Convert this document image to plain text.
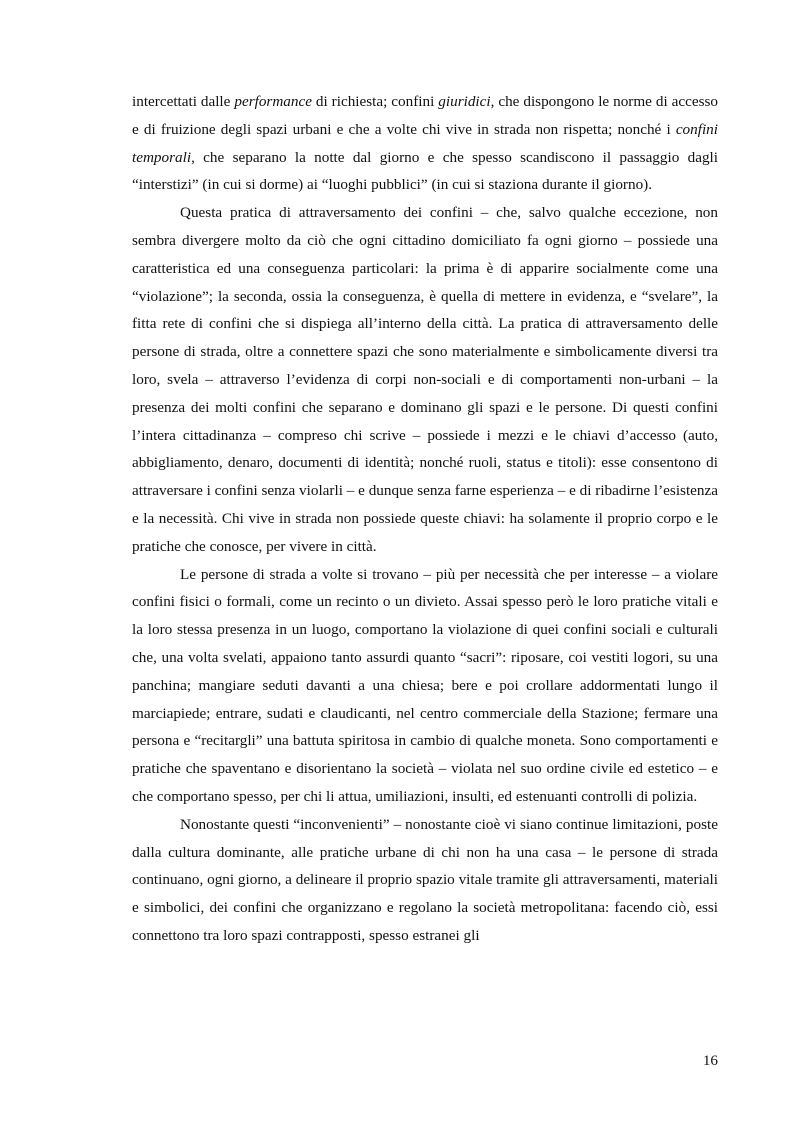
intercettati dalle performance di richiesta; confini giuridici, che dispongono le norme di accesso e di fruizione degli spazi urbani e che a volte chi vive in strada non rispetta; nonché i confini temporali, che separano la notte dal giorno e che spesso scandiscono il passaggio dagli “interstizi” (in cui si dorme) ai “luoghi pubblici” (in cui si staziona durante il giorno).

Questa pratica di attraversamento dei confini – che, salvo qualche eccezione, non sembra divergere molto da ciò che ogni cittadino domiciliato fa ogni giorno – possiede una caratteristica ed una conseguenza particolari: la prima è di apparire socialmente come una “violazione”; la seconda, ossia la conseguenza, è quella di mettere in evidenza, e “svelare”, la fitta rete di confini che si dispiega all’interno della città. La pratica di attraversamento delle persone di strada, oltre a connettere spazi che sono materialmente e simbolicamente diversi tra loro, svela – attraverso l’evidenza di corpi non-sociali e di comportamenti non-urbani – la presenza dei molti confini che separano e dominano gli spazi e le persone. Di questi confini l’intera cittadinanza – compreso chi scrive – possiede i mezzi e le chiavi d’accesso (auto, abbigliamento, denaro, documenti di identità; nonché ruoli, status e titoli): esse consentono di attraversare i confini senza violarli – e dunque senza farne esperienza – e di ribadirne l’esistenza e la necessità. Chi vive in strada non possiede queste chiavi: ha solamente il proprio corpo e le pratiche che conosce, per vivere in città.

Le persone di strada a volte si trovano – più per necessità che per interesse – a violare confini fisici o formali, come un recinto o un divieto. Assai spesso però le loro pratiche vitali e la loro stessa presenza in un luogo, comportano la violazione di quei confini sociali e culturali che, una volta svelati, appaiono tanto assurdi quanto “sacri”: riposare, coi vestiti logori, su una panchina; mangiare seduti davanti a una chiesa; bere e poi crollare addormentati lungo il marciapiede; entrare, sudati e claudicanti, nel centro commerciale della Stazione; fermare una persona e “recitargli” una battuta spiritosa in cambio di qualche moneta. Sono comportamenti e pratiche che spaventano e disorientano la società – violata nel suo ordine civile ed estetico – e che comportano spesso, per chi li attua, umiliazioni, insulti, ed estenuanti controlli di polizia.

Nonostante questi “inconvenienti” – nonostante cioè vi siano continue limitazioni, poste dalla cultura dominante, alle pratiche urbane di chi non ha una casa – le persone di strada continuano, ogni giorno, a delineare il proprio spazio vitale tramite gli attraversamenti, materiali e simbolici, dei confini che organizzano e regolano la società metropolitana: facendo ciò, essi connettono tra loro spazi contrapposti, spesso estranei gli

16
